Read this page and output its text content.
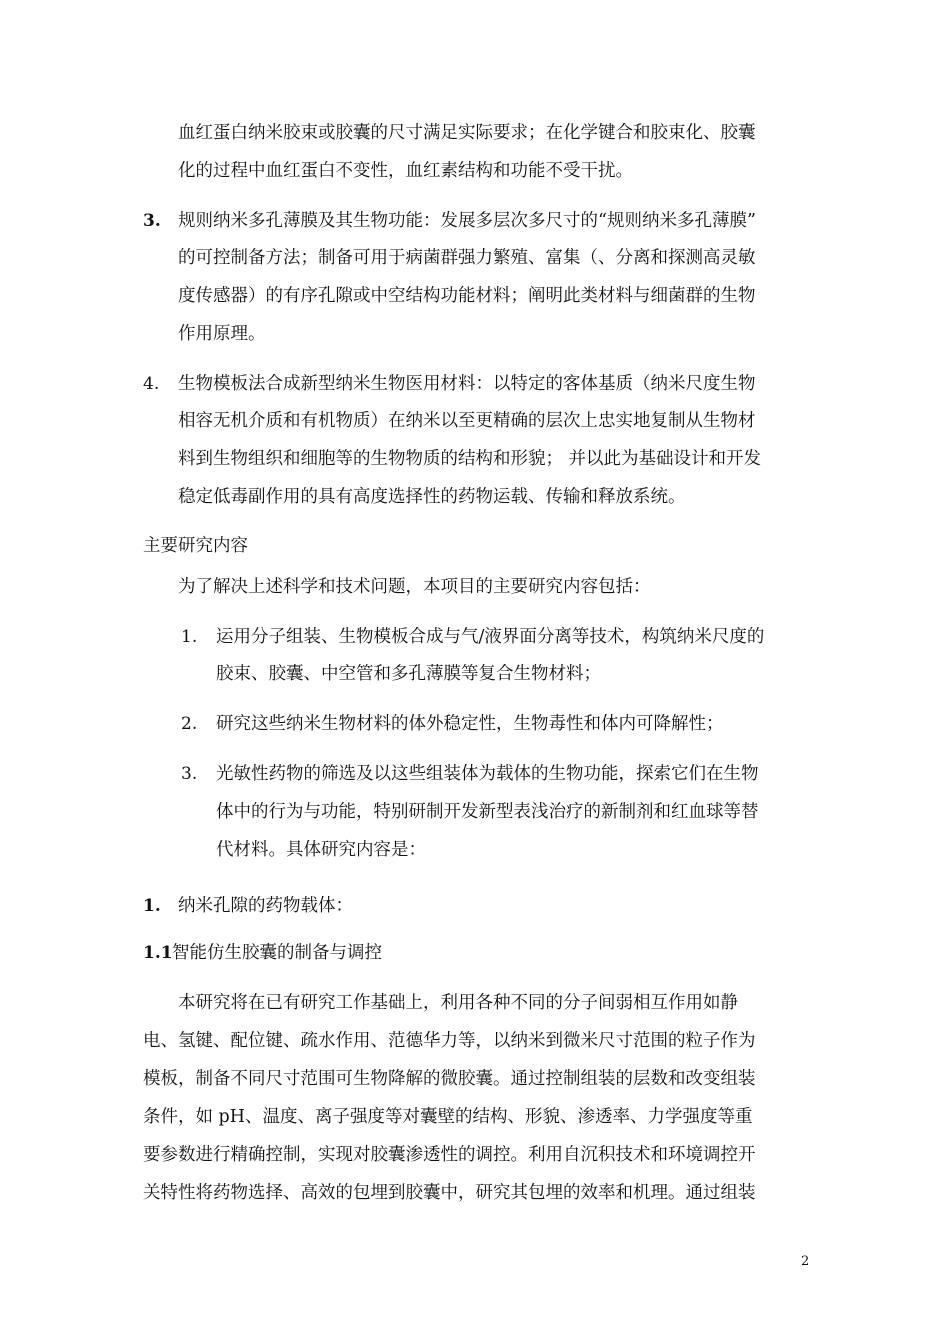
血红蛋白纳米胶束或胶囊的尺寸满足实际要求；在化学键合和胶束化、胶囊
化的过程中血红蛋白不变性，血红素结构和功能不受干扰。
3. 规则纳米多孔薄膜及其生物功能：发展多层次多尺寸的“规则纳米多孔薄膜”
的可控制备方法；制备可用于病菌群强力繁殖、富集（、分离和探测高灵敏
度传感器）的有序孔隙或中空结构功能材料；阐明此类材料与细菌群的生物
作用原理。
4. 生物模板法合成新型纳米生物医用材料：以特定的客体基质（纳米尺度生物
相容无机介质和有机物质）在纳米以至更精确的层次上忠实地复制从生物材
料到生物组织和细胞等的生物物质的结构和形貌； 并以此为基础设计和开发
稳定低毒副作用的具有高度选择性的药物运载、传输和释放系统。
主要研究内容
为了解决上述科学和技术问题，本项目的主要研究内容包括：
1. 运用分子组装、生物模板合成与气/液界面分离等技术，构筑纳米尺度的
胶束、胶囊、中空管和多孔薄膜等复合生物材料；
2. 研究这些纳米生物材料的体外稳定性，生物毒性和体内可降解性；
3. 光敏性药物的筛选及以这些组装体为载体的生物功能，探索它们在生物
体中的行为与功能，特别研制开发新型表浅治疗的新制剂和红血球等替
代材料。具体研究内容是：
1. 纳米孔隙的药物载体：
1.1 智能仿生胶囊的制备与调控
本研究将在已有研究工作基础上，利用各种不同的分子间弱相互作用如静
电、氢键、配位键、疏水作用、范德华力等，以纳米到微米尺寸范围的粒子作为
模板，制备不同尺寸范围可生物降解的微胶囊。通过控制组装的层数和改变组装
条件，如 pH、温度、离子强度等对囊壁的结构、形貌、渗透率、力学强度等重
要参数进行精确控制，实现对胶囊渗透性的调控。利用自沉积技术和环境调控开
关特性将药物选择、高效的包埋到胶囊中，研究其包埋的效率和机理。通过组装
2
